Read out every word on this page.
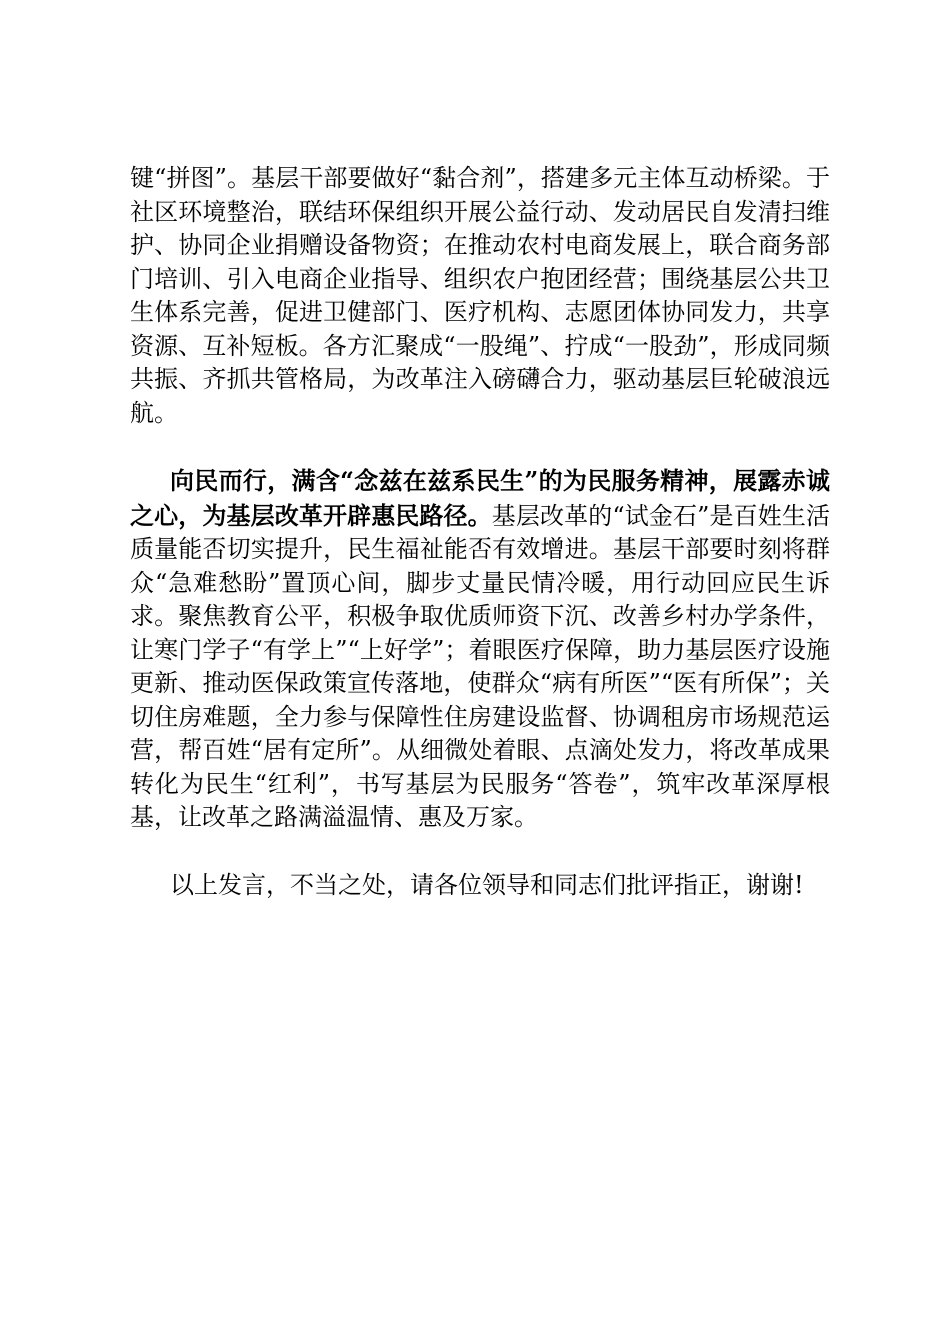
键“拼图”。基层干部要做好“黏合剂”，搭建多元主体互动桥梁。于社区环境整治，联结环保组织开展公益行动、发动居民自发清扫维护、协同企业捐赠设备物资；在推动农村电商发展上，联合商务部门培训、引入电商企业指导、组织农户抱团经营；围绕基层公共卫生体系完善，促进卫健部门、医疗机构、志愿团体协同发力，共享资源、互补短板。各方汇聚成“一股绳”、拧成“一股劲”，形成同频共振、齐抓共管格局，为改革注入磅礴合力，驱动基层巨轮破浪远航。

向民而行，满含“念兹在兹系民生”的为民服务精神，展露赤诚之心，为基层改革开辟惠民路径。基层改革的“试金石”是百姓生活质量能否切实提升，民生福祉能否有效增进。基层干部要时刻将群众“急难愁盼”置顶心间，脚步丈量民情冷暖，用行动回应民生诉求。聚焦教育公平，积极争取优质师资下沉、改善乡村办学条件，让寒门学子“有学上”“上好学”；着眼医疗保障，助力基层医疗设施更新、推动医保政策宣传落地，使群众“病有所医”“医有所保”；关切住房难题，全力参与保障性住房建设监督、协调租房市场规范运营，帮百姓“居有定所”。从细微处着眼、点滴处发力，将改革成果转化为民生“红利”，书写基层为民服务“答卷”，筑牢改革深厚根基，让改革之路满溢温情、惠及万家。

以上发言，不当之处，请各位领导和同志们批评指正，谢谢!
